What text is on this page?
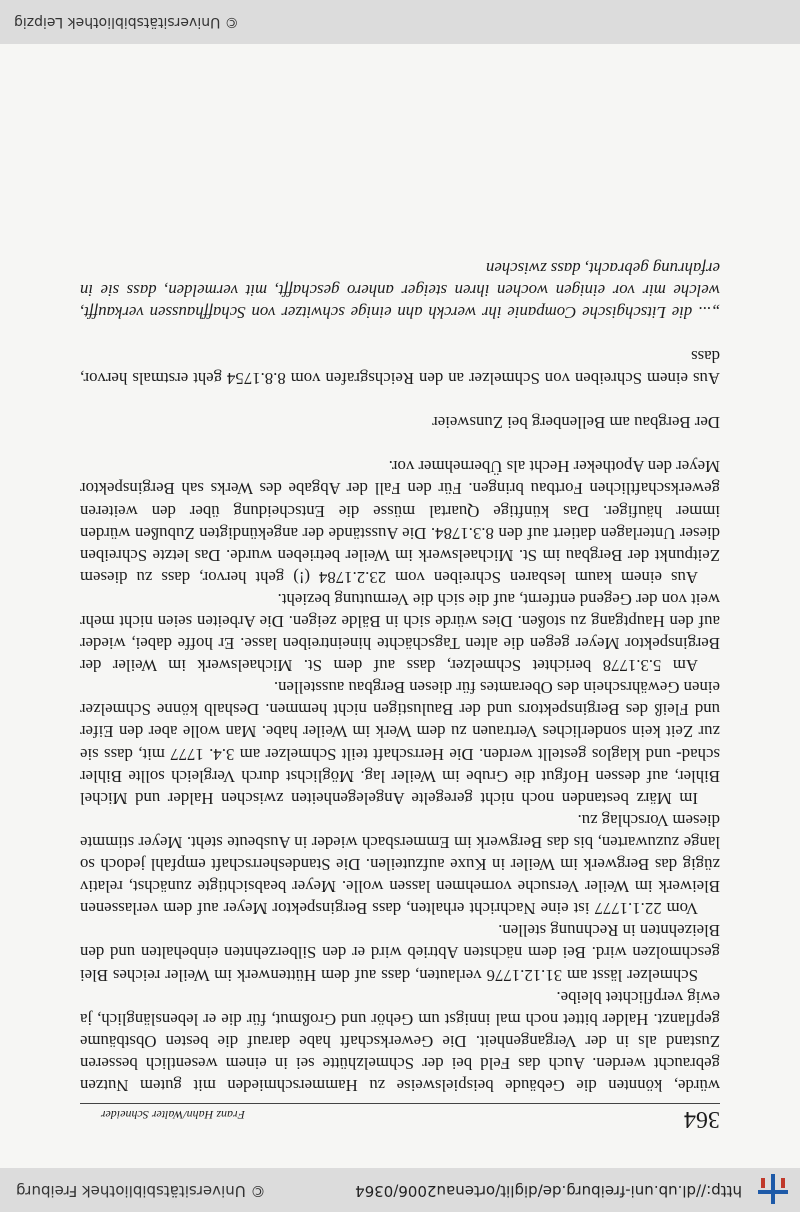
http://dl.ub.uni-freiburg.de/diglit/ortenau2006/0364
© Universitätsbibliothek Freiburg
364
Franz Hahn/Walter Schneider

würde, könnten die Gebäude beispielsweise zu Hammerschmieden mit gutem Nutzen gebraucht werden. Auch das Feld bei der Schmelzhütte sei in einem wesentlich besseren Zustand als in der Vergangenheit. Die Gewerkschaft habe darauf die besten Obstbäume gepflanzt. Halder bittet noch mal innigst um Gehör und Großmut, für die er lebenslänglich, ja ewig verpflichtet bleibe.

Schmelzer lässt am 31.12.1776 verlauten, dass auf dem Hüttenwerk im Weiler reiches Blei geschmolzen wird. Bei dem nächsten Abtrieb wird er den Silberzehnten einbehalten und den Bleizehnten in Rechnung stellen.

Vom 22.1.1777 ist eine Nachricht erhalten, dass Berginspektor Meyer auf dem verlassenen Bleiwerk im Weiler Versuche vornehmen lassen wolle. Meyer beabsichtigte zunächst, relativ zügig das Bergwerk im Weiler in Kuxe aufzuteilen. Die Standesherrschaft empfahl jedoch so lange zuzuwarten, bis das Bergwerk im Emmersbach wieder in Ausbeute steht. Meyer stimmte diesem Vorschlag zu.

Im März bestanden noch nicht geregelte Angelegenheiten zwischen Halder und Michel Bihler, auf dessen Hofgut die Grube im Weiler lag. Möglichst durch Vergleich sollte Bihler schad- und klaglos gestellt werden. Die Herrschaft teilt Schmelzer am 3.4. 1777 mit, dass sie zur Zeit kein sonderliches Vertrauen zu dem Werk im Weiler habe. Man wolle aber den Eifer und Fleiß des Berginspektors und der Baulustigen nicht hemmen. Deshalb könne Schmelzer einen Gewährschein des Oberamtes für diesen Bergbau ausstellen.

Am 5.3.1778 berichtet Schmelzer, dass auf dem St. Michaelswerk im Weiler der Berginspektor Meyer gegen die alten Tagschächte hineintreiben lasse. Er hoffe dabei, wieder auf den Hauptgang zu stoßen. Dies würde sich in Bälde zeigen. Die Arbeiten seien nicht mehr weit von der Gegend entfernt, auf die sich die Vermutung bezieht.

Aus einem kaum lesbaren Schreiben vom 23.2.1784 (!) geht hervor, dass zu diesem Zeitpunkt der Bergbau im St. Michaelswerk im Weiler betrieben wurde. Das letzte Schreiben dieser Unterlagen datiert auf den 8.3.1784. Die Ausstände der angekündigten Zubußen würden immer häufiger. Das künftige Quartal müsse die Entscheidung über den weiteren gewerkschaftlichen Fortbau bringen. Für den Fall der Abgabe des Werks sah Berginspektor Meyer den Apotheker Hecht als Übernehmer vor.

Der Bergbau am Bellenberg bei Zunsweier

Aus einem Schreiben von Schmelzer an den Reichsgrafen vom 8.8.1754 geht erstmals hervor, dass

„... die Litschgische Companie ihr werckh ahn einige schwitzer von Schaffhaussen verkaufft, welche mir vor einigen wochen ihren steiger anhero geschafft, mit vermelden, dass sie in erfahrung gebracht, dass zwischen

© Universitätsbibliothek Leipzig
